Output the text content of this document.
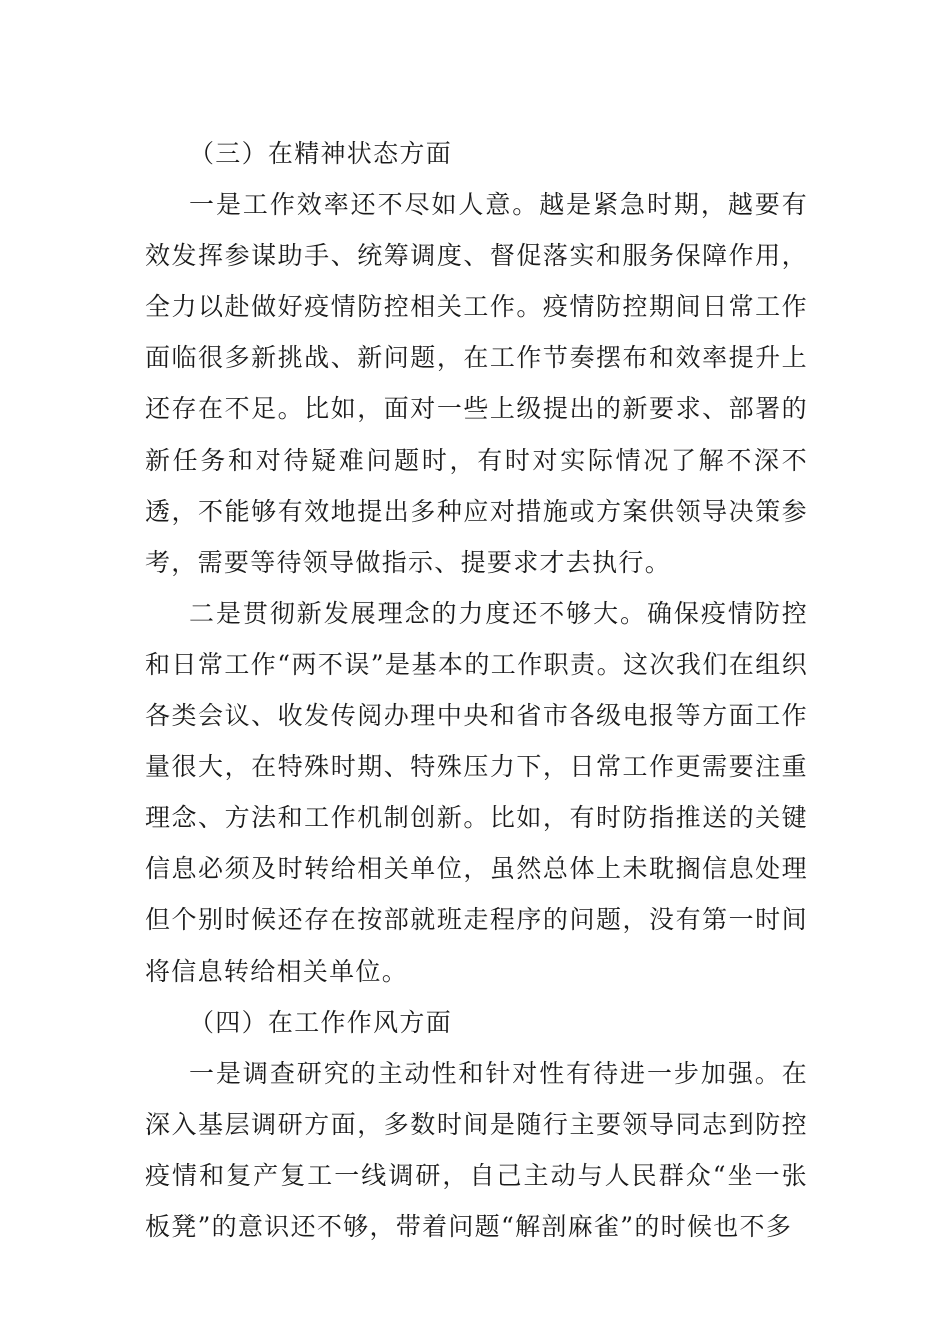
（三）在精神状态方面

一是工作效率还不尽如人意。越是紧急时期，越要有效发挥参谋助手、统筹调度、督促落实和服务保障作用，全力以赴做好疫情防控相关工作。疫情防控期间日常工作面临很多新挑战、新问题，在工作节奏摆布和效率提升上还存在不足。比如，面对一些上级提出的新要求、部署的新任务和对待疑难问题时，有时对实际情况了解不深不透，不能够有效地提出多种应对措施或方案供领导决策参考，需要等待领导做指示、提要求才去执行。

二是贯彻新发展理念的力度还不够大。确保疫情防控和日常工作“两不误”是基本的工作职责。这次我们在组织各类会议、收发传阅办理中央和省市各级电报等方面工作量很大，在特殊时期、特殊压力下，日常工作更需要注重理念、方法和工作机制创新。比如，有时防指推送的关键信息必须及时转给相关单位，虽然总体上未耽搁信息处理但个别时候还存在按部就班走程序的问题，没有第一时间将信息转给相关单位。

（四）在工作作风方面

一是调查研究的主动性和针对性有待进一步加强。在深入基层调研方面，多数时间是随行主要领导同志到防控疫情和复产复工一线调研，自己主动与人民群众“坐一张板凳”的意识还不够，带着问题“解剖麻雀”的时候也不多
